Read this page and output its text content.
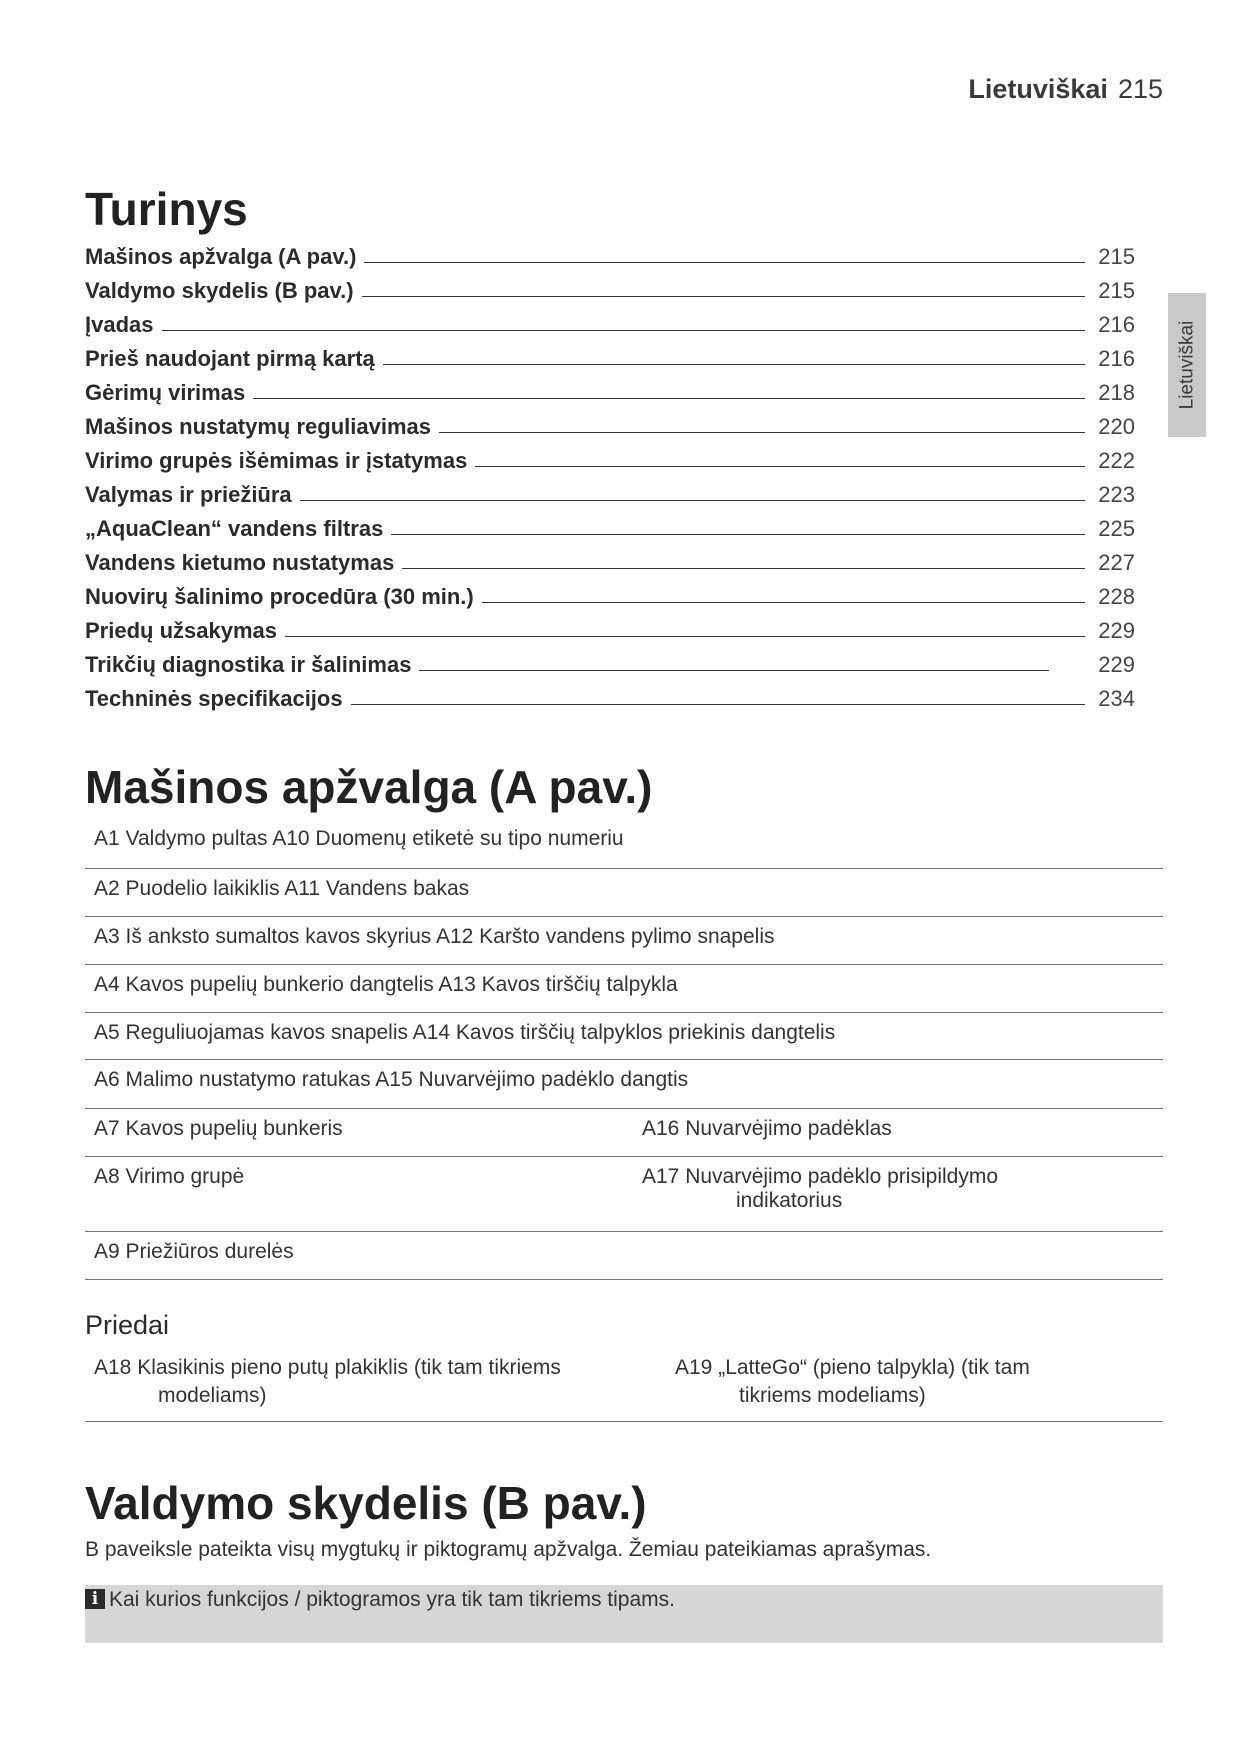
Lietuviškai 215
Lietuviškai
Turinys
Mašinos apžvalga (A pav.)	215
Valdymo skydelis (B pav.)	215
Įvadas	216
Prieš naudojant pirmą kartą	216
Gėrimų virimas	218
Mašinos nustatymų reguliavimas	220
Virimo grupės išėmimas ir įstatymas	222
Valymas ir priežiūra	223
„AquaClean“ vandens filtras	225
Vandens kietumo nustatymas	227
Nuovirų šalinimo procedūra (30 min.)	228
Priedų užsakymas	229
Trikčių diagnostika ir šalinimas	229
Techninės specifikacijos	234
Mašinos apžvalga (A pav.)
A1 Valdymo pultas A10 Duomenų etiketė su tipo numeriu
A2 Puodelio laikiklis A11 Vandens bakas
A3 Iš anksto sumaltos kavos skyrius A12 Karšto vandens pylimo snapelis
A4 Kavos pupelių bunkerio dangtelis A13 Kavos tirščių talpykla
A5 Reguliuojamas kavos snapelis A14 Kavos tirščių talpyklos priekinis dangtelis
A6 Malimo nustatymo ratukas A15 Nuvarvėjimo padėklo dangtis
A7 Kavos pupelių bunkeris	A16 Nuvarvėjimo padėklas
A8 Virimo grupė	A17 Nuvarvėjimo padėklo prisipildymo
indikatorius
A9 Priežiūros durelės
Priedai
A18 Klasikinis pieno putų plakiklis (tik tam tikriems
modeliams)
A19 „LatteGo“ (pieno talpykla) (tik tam
tikriems modeliams)
Valdymo skydelis (B pav.)
B paveiksle pateikta visų mygtukų ir piktogramų apžvalga. Žemiau pateikiamas aprašymas.
i Kai kurios funkcijos / piktogramos yra tik tam tikriems tipams.
